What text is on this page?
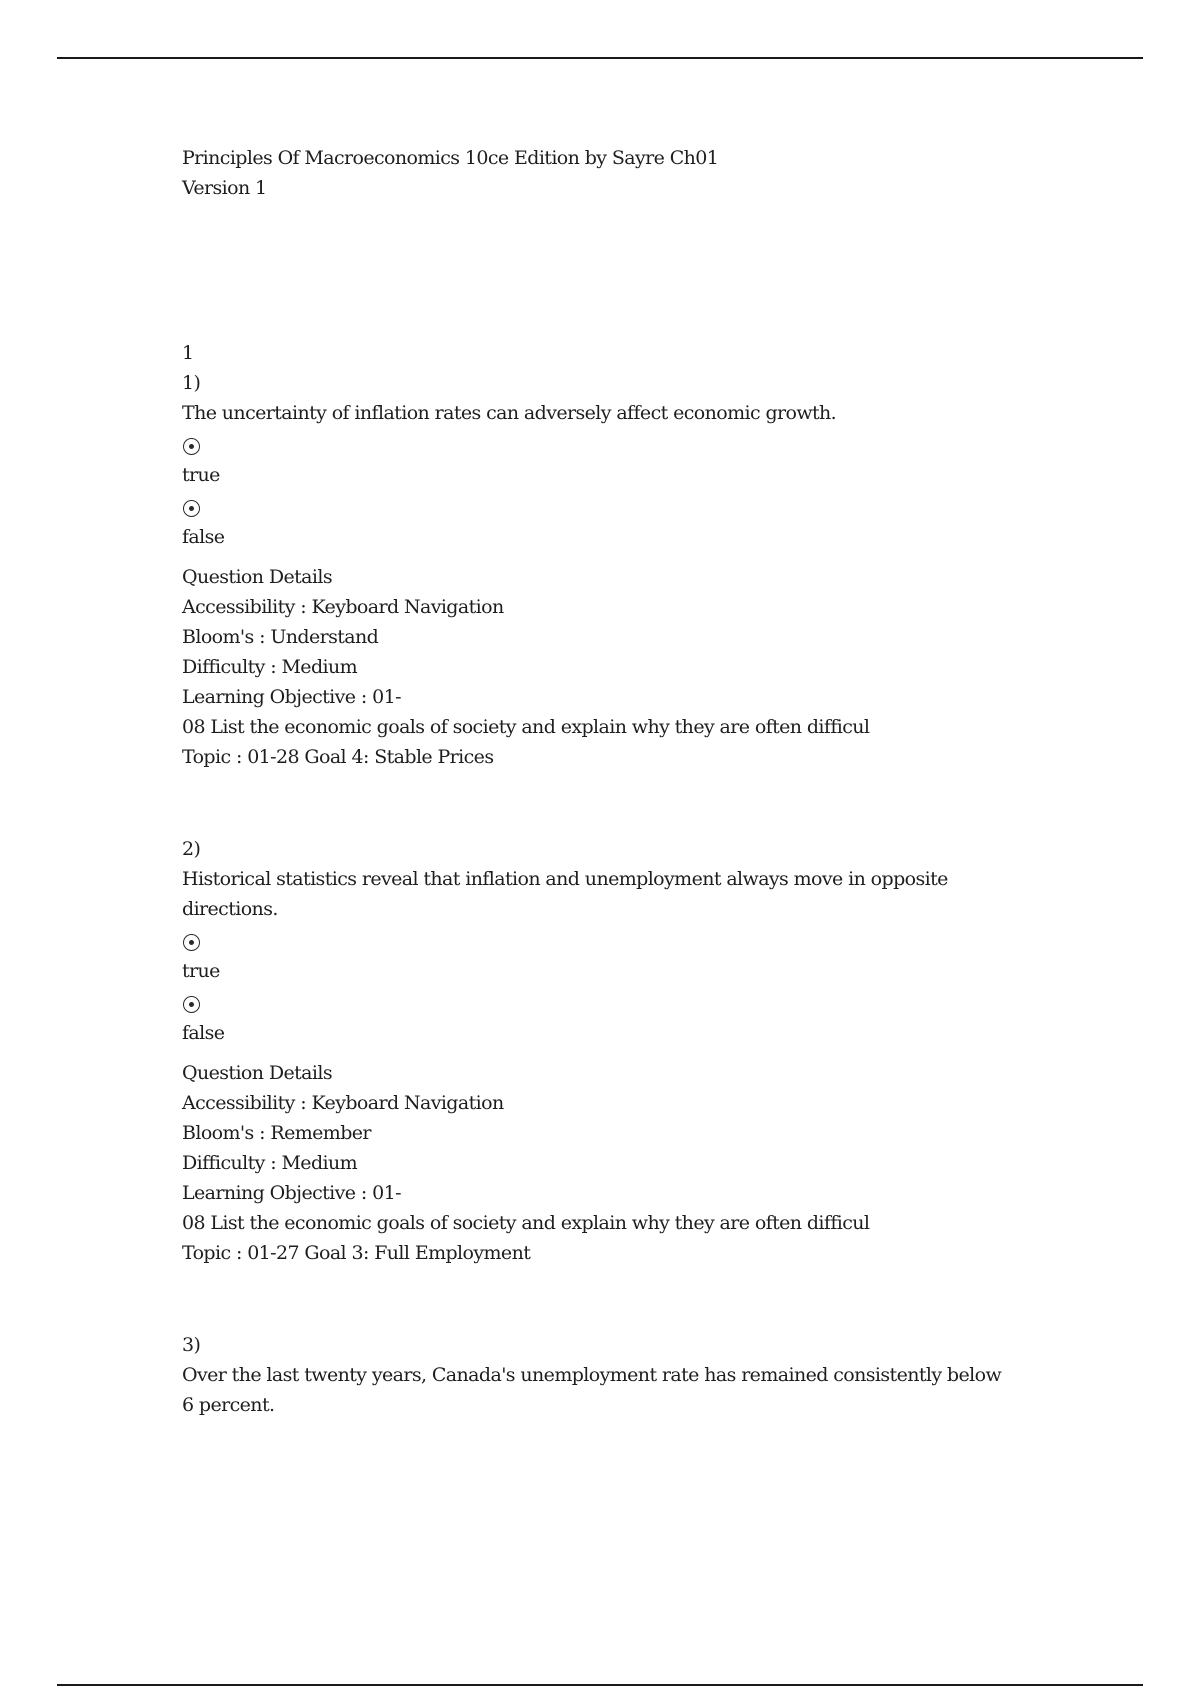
Principles Of Macroeconomics 10ce Edition by Sayre Ch01
Version 1
1
1)
The uncertainty of inflation rates can adversely affect economic growth.
true
false
Question Details
Accessibility : Keyboard Navigation
Bloom's : Understand
Difficulty : Medium
Learning Objective : 01-
08 List the economic goals of society and explain why they are often difficul
Topic : 01-28 Goal 4: Stable Prices
2)
Historical statistics reveal that inflation and unemployment always move in opposite directions.
true
false
Question Details
Accessibility : Keyboard Navigation
Bloom's : Remember
Difficulty : Medium
Learning Objective : 01-
08 List the economic goals of society and explain why they are often difficul
Topic : 01-27 Goal 3: Full Employment
3)
Over the last twenty years, Canada's unemployment rate has remained consistently below 6 percent.
